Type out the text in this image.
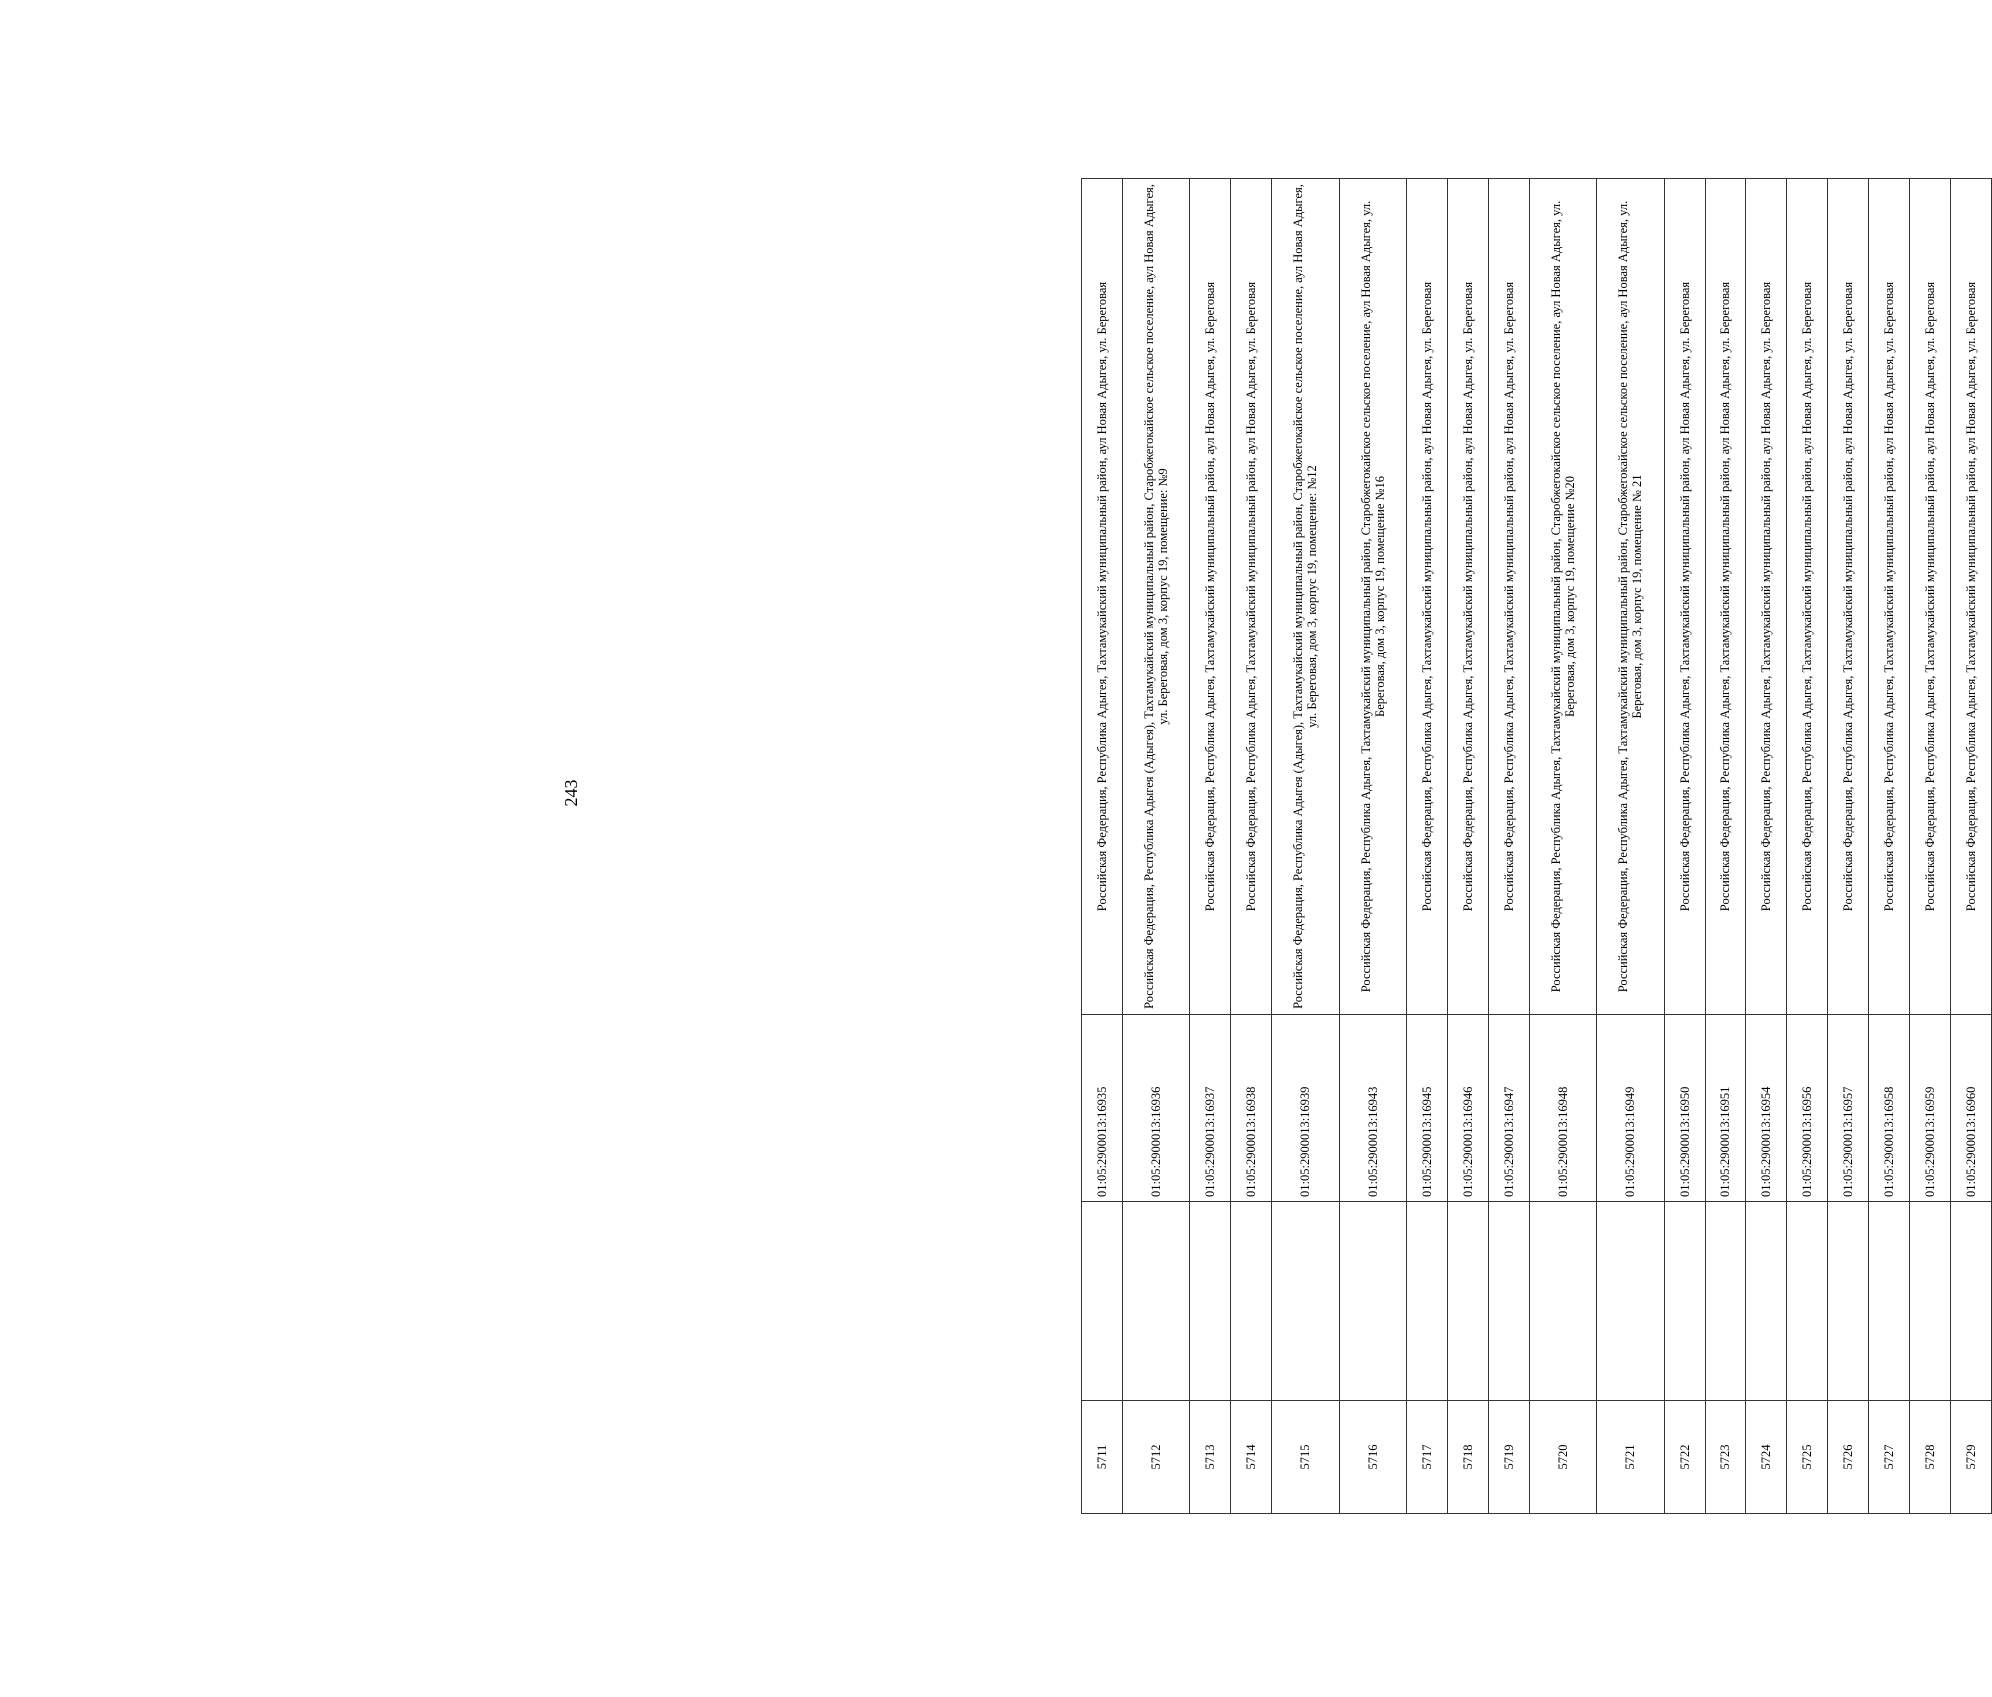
243
5711		01:05:2900013:16935	Российская Федерация, Республика Адыгея, Тахтамукайский муниципальный район, аул Новая Адыгея, ул. Береговая
5712		01:05:2900013:16936	Российская Федерация, Республика Адыгея (Адыгея), Тахтамукайский муниципальный район, Старобжегокайское сельское поселение, аул Новая Адыгея, ул. Береговая, дом 3, корпус 19, помещение: №9
5713		01:05:2900013:16937	Российская Федерация, Республика Адыгея, Тахтамукайский муниципальный район, аул Новая Адыгея, ул. Береговая
5714		01:05:2900013:16938	Российская Федерация, Республика Адыгея, Тахтамукайский муниципальный район, аул Новая Адыгея, ул. Береговая
5715		01:05:2900013:16939	Российская Федерация, Республика Адыгея (Адыгея), Тахтамукайский муниципальный район, Старобжегокайское сельское поселение, аул Новая Адыгея, ул. Береговая, дом 3, корпус 19, помещение: №12
5716		01:05:2900013:16943	Российская Федерация, Республика Адыгея, Тахтамукайский муниципальный район, Старобжегокайское сельское поселение, аул Новая Адыгея, ул. Береговая, дом 3, корпус 19, помещение №16
5717		01:05:2900013:16945	Российская Федерация, Республика Адыгея, Тахтамукайский муниципальный район, аул Новая Адыгея, ул. Береговая
5718		01:05:2900013:16946	Российская Федерация, Республика Адыгея, Тахтамукайский муниципальный район, аул Новая Адыгея, ул. Береговая
5719		01:05:2900013:16947	Российская Федерация, Республика Адыгея, Тахтамукайский муниципальный район, аул Новая Адыгея, ул. Береговая
5720		01:05:2900013:16948	Российская Федерация, Республика Адыгея, Тахтамукайский муниципальный район, Старобжегокайское сельское поселение, аул Новая Адыгея, ул. Береговая, дом 3, корпус 19, помещение №20
5721		01:05:2900013:16949	Российская Федерация, Республика Адыгея, Тахтамукайский муниципальный район, Старобжегокайское сельское поселение, аул Новая Адыгея, ул. Береговая, дом 3, корпус 19, помещение № 21
5722		01:05:2900013:16950	Российская Федерация, Республика Адыгея, Тахтамукайский муниципальный район, аул Новая Адыгея, ул. Береговая
5723		01:05:2900013:16951	Российская Федерация, Республика Адыгея, Тахтамукайский муниципальный район, аул Новая Адыгея, ул. Береговая
5724		01:05:2900013:16954	Российская Федерация, Республика Адыгея, Тахтамукайский муниципальный район, аул Новая Адыгея, ул. Береговая
5725		01:05:2900013:16956	Российская Федерация, Республика Адыгея, Тахтамукайский муниципальный район, аул Новая Адыгея, ул. Береговая
5726		01:05:2900013:16957	Российская Федерация, Республика Адыгея, Тахтамукайский муниципальный район, аул Новая Адыгея, ул. Береговая
5727		01:05:2900013:16958	Российская Федерация, Республика Адыгея, Тахтамукайский муниципальный район, аул Новая Адыгея, ул. Береговая
5728		01:05:2900013:16959	Российская Федерация, Республика Адыгея, Тахтамукайский муниципальный район, аул Новая Адыгея, ул. Береговая
5729		01:05:2900013:16960	Российская Федерация, Республика Адыгея, Тахтамукайский муниципальный район, аул Новая Адыгея, ул. Береговая
